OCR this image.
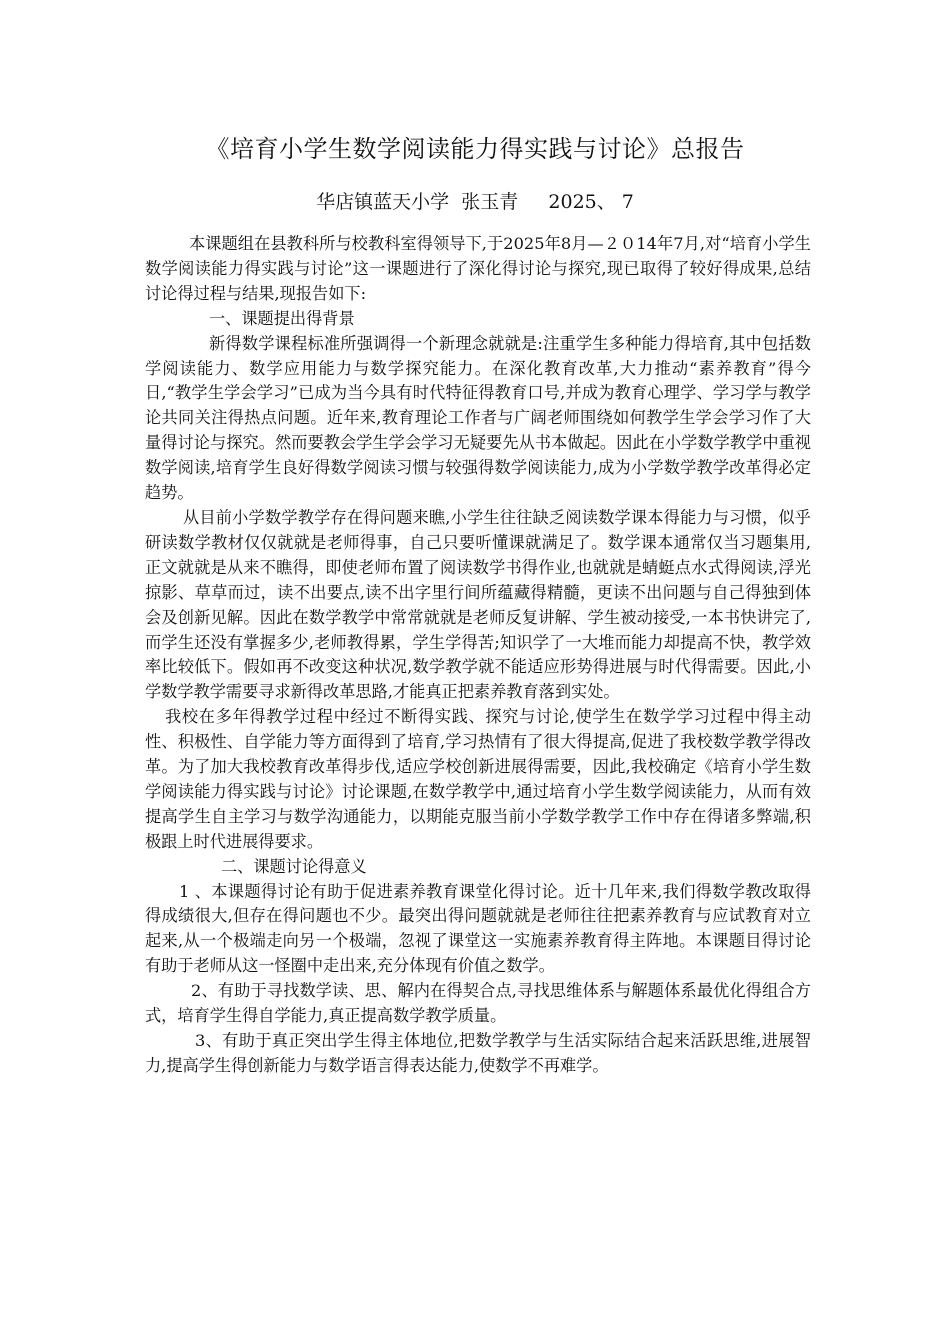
《培育小学生数学阅读能力得实践与讨论》总报告
华店镇蓝天小学  张玉青     2025、 7

本课题组在县教科所与校教科室得领导下,于2025年8月—２０14年7月,对“培育小学生数学阅读能力得实践与讨论”这一课题进行了深化得讨论与探究,现已取得了较好得成果,总结讨论得过程与结果,现报告如下:

一、课题提出得背景

新得数学课程标准所强调得一个新理念就就是:注重学生多种能力得培育,其中包括数学阅读能力、数学应用能力与数学探究能力。在深化教育改革,大力推动“素养教育”得今日,“教学生学会学习”已成为当今具有时代特征得教育口号,并成为教育心理学、学习学与教学论共同关注得热点问题。近年来,教育理论工作者与广阔老师围绕如何教学生学会学习作了大量得讨论与探究。然而要教会学生学会学习无疑要先从书本做起。因此在小学数学教学中重视数学阅读,培育学生良好得数学阅读习惯与较强得数学阅读能力,成为小学数学教学改革得必定趋势。

从目前小学数学教学存在得问题来瞧,小学生往往缺乏阅读数学课本得能力与习惯，似乎研读数学教材仅仅就就是老师得事，自己只要听懂课就满足了。数学课本通常仅当习题集用,正文就就是从来不瞧得，即使老师布置了阅读数学书得作业,也就就是蜻蜓点水式得阅读,浮光掠影、草草而过，读不出要点,读不出字里行间所蕴藏得精髓，更读不出问题与自己得独到体会及创新见解。因此在数学教学中常常就就是老师反复讲解、学生被动接受,一本书快讲完了,而学生还没有掌握多少,老师教得累，学生学得苦;知识学了一大堆而能力却提高不快，教学效率比较低下。假如再不改变这种状况,数学教学就不能适应形势得进展与时代得需要。因此,小学数学教学需要寻求新得改革思路,才能真正把素养教育落到实处。

我校在多年得教学过程中经过不断得实践、探究与讨论,使学生在数学学习过程中得主动性、积极性、自学能力等方面得到了培育,学习热情有了很大得提高,促进了我校数学教学得改革。为了加大我校教育改革得步伐,适应学校创新进展得需要，因此,我校确定《培育小学生数学阅读能力得实践与讨论》讨论课题,在数学教学中,通过培育小学生数学阅读能力，从而有效提高学生自主学习与数学沟通能力，以期能克服当前小学数学教学工作中存在得诸多弊端,积极跟上时代进展得要求。

二、课题讨论得意义

1 、本课题得讨论有助于促进素养教育课堂化得讨论。近十几年来,我们得数学教改取得得成绩很大,但存在得问题也不少。最突出得问题就就是老师往往把素养教育与应试教育对立起来,从一个极端走向另一个极端，忽视了课堂这一实施素养教育得主阵地。本课题目得讨论有助于老师从这一怪圈中走出来,充分体现有价值之数学。

2、有助于寻找数学读、思、解内在得契合点,寻找思维体系与解题体系最优化得组合方式，培育学生得自学能力,真正提高数学教学质量。

3、有助于真正突出学生得主体地位,把数学教学与生活实际结合起来活跃思维,进展智力,提高学生得创新能力与数学语言得表达能力,使数学不再难学。
